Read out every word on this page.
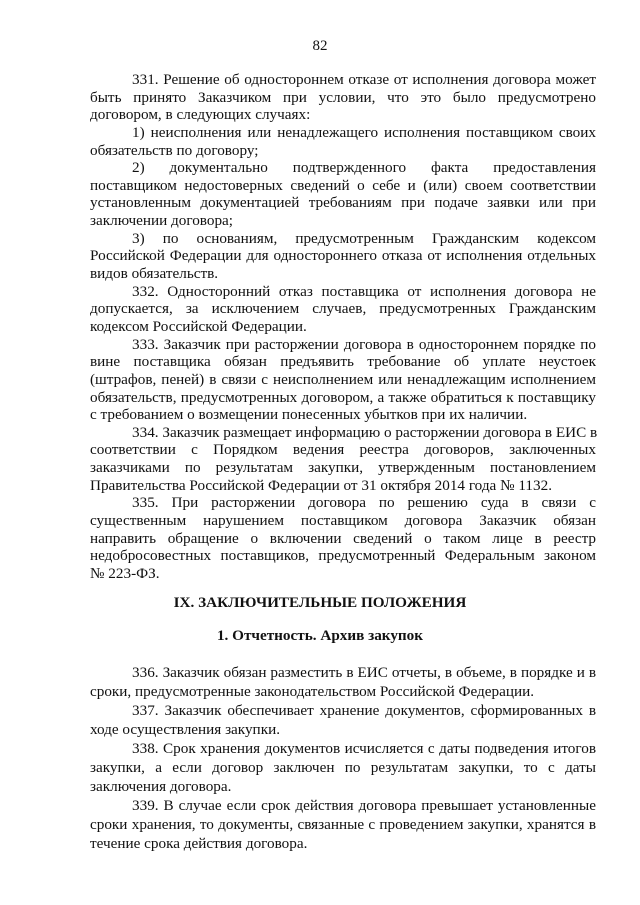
82
331. Решение об одностороннем отказе от исполнения договора может
быть принято Заказчиком при условии, что это было предусмотрено
договором, в следующих случаях:
1) неисполнения или ненадлежащего исполнения поставщиком своих
обязательств по договору;
2) документально подтвержденного факта предоставления
поставщиком недостоверных сведений о себе и (или) своем соответствии
установленным документацией требованиям при подаче заявки или при
заключении договора;
3) по основаниям, предусмотренным Гражданским кодексом
Российской Федерации для одностороннего отказа от исполнения отдельных
видов обязательств.
332. Односторонний отказ поставщика от исполнения договора не
допускается, за исключением случаев, предусмотренных Гражданским
кодексом Российской Федерации.
333. Заказчик при расторжении договора в одностороннем порядке по
вине поставщика обязан предъявить требование об уплате неустоек
(штрафов, пеней) в связи с неисполнением или ненадлежащим исполнением
обязательств, предусмотренных договором, а также обратиться к поставщику
с требованием о возмещении понесенных убытков при их наличии.
334. Заказчик размещает информацию о расторжении договора в ЕИС в
соответствии с Порядком ведения реестра договоров, заключенных
заказчиками по результатам закупки, утвержденным постановлением
Правительства Российской Федерации от 31 октября 2014 года № 1132.
335. При расторжении договора по решению суда в связи с
существенным нарушением поставщиком договора Заказчик обязан
направить обращение о включении сведений о таком лице в реестр
недобросовестных поставщиков, предусмотренный Федеральным законом
№ 223-ФЗ.
IX. ЗАКЛЮЧИТЕЛЬНЫЕ ПОЛОЖЕНИЯ
1. Отчетность. Архив закупок
336. Заказчик обязан разместить в ЕИС отчеты, в объеме, в порядке и в
сроки, предусмотренные законодательством Российской Федерации.
337. Заказчик обеспечивает хранение документов, сформированных в
ходе осуществления закупки.
338. Срок хранения документов исчисляется с даты подведения итогов
закупки, а если договор заключен по результатам закупки, то с даты
заключения договора.
339. В случае если срок действия договора превышает установленные
сроки хранения, то документы, связанные с проведением закупки, хранятся в
течение срока действия договора.
